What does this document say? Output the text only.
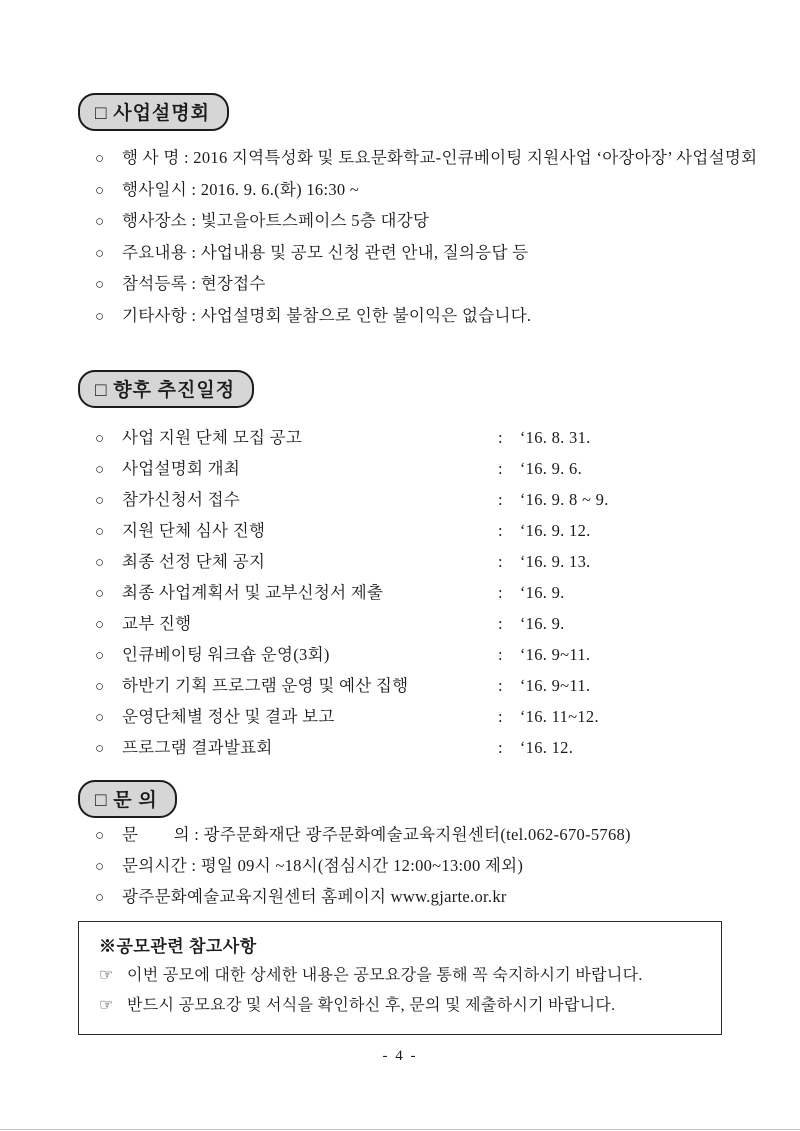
□ 사업설명회
○	행 사 명 : 2016 지역특성화 및 토요문화학교-인큐베이팅 지원사업 ‘아장아장’ 사업설명회
○	행사일시 : 2016. 9. 6.(화) 16:30 ~
○	행사장소 : 빛고을아트스페이스 5층 대강당
○	주요내용 : 사업내용 및 공모 신청 관련 안내, 질의응답 등
○	참석등록 : 현장접수
○	기타사항 : 사업설명회 불참으로 인한 불이익은 없습니다.
□ 향후 추진일정
○	사업 지원 단체 모집 공고	: ‘16. 8. 31.
○	사업설명회 개최	: ‘16. 9. 6.
○	참가신청서 접수	: ‘16. 9. 8 ~ 9.
○	지원 단체 심사 진행	: ‘16. 9. 12.
○	최종 선정 단체 공지	: ‘16. 9. 13.
○	최종 사업계획서 및 교부신청서 제출	: ‘16. 9.
○	교부 진행	: ‘16. 9.
○	인큐베이팅 워크숍 운영(3회)	: ‘16. 9~11.
○	하반기 기획 프로그램 운영 및 예산 집행	: ‘16. 9~11.
○	운영단체별 정산 및 결과 보고	: ‘16. 11~12.
○	프로그램 결과발표회	: ‘16. 12.
□ 문 의
○	문        의 : 광주문화재단 광주문화예술교육지원센터(tel.062-670-5768)
○	문의시간 : 평일 09시 ~18시(점심시간 12:00~13:00 제외)
○	광주문화예술교육지원센터 홈페이지 www.gjarte.or.kr
※공모관련 참고사항
☞ 이번 공모에 대한 상세한 내용은 공모요강을 통해 꼭 숙지하시기 바랍니다.
☞ 반드시 공모요강 및 서식을 확인하신 후, 문의 및 제출하시기 바랍니다.
- 4 -
